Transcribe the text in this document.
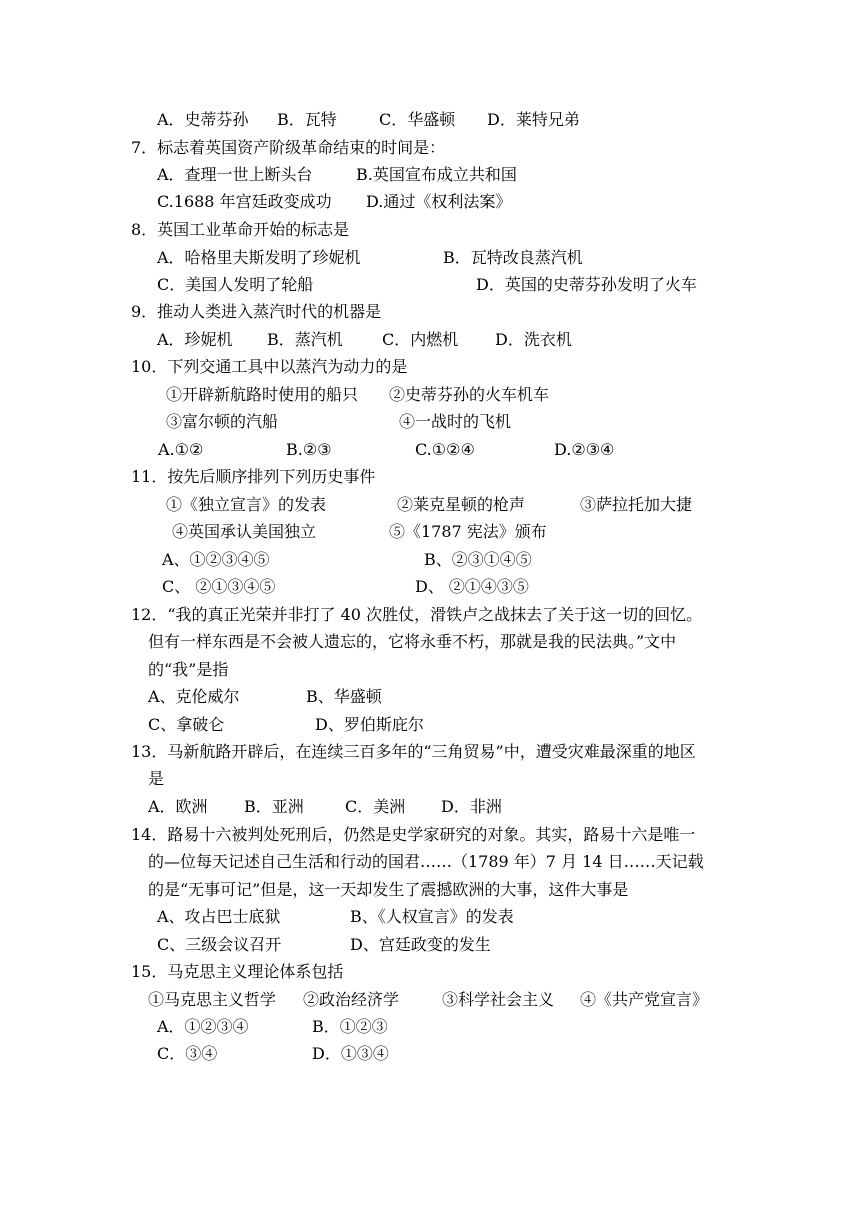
A．史蒂芬孙 B．瓦特	C．华盛顿 D．莱特兄弟
7．标志着英国资产阶级革命结束的时间是：
A．查理一世上断头台	B.英国宣布成立共和国
C.1688 年宫廷政变成功 D.通过《权利法案》
8．英国工业革命开始的标志是
A．哈格里夫斯发明了珍妮机	B．瓦特改良蒸汽机
C．美国人发明了轮船	D．英国的史蒂芬孙发明了火车
9．推动人类进入蒸汽时代的机器是
A．珍妮机 B．蒸汽机 C．内燃机 D．洗衣机
10．下列交通工具中以蒸汽为动力的是
①开辟新航路时使用的船只 ②史蒂芬孙的火车机车
③富尔顿的汽船	④一战时的飞机
A.①②	B.②③	C.①②④	D.②③④
11．按先后顺序排列下列历史事件
①《独立宣言》的发表	②莱克星顿的枪声	③萨拉托加大捷
④英国承认美国独立	⑤《1787 宪法》颁布
A、①②③④⑤	B、②③①④⑤
C、 ②①③④⑤	D、 ②①④③⑤
12．“我的真正光荣并非打了 40 次胜仗，滑铁卢之战抹去了关于这一切的回忆。
但有一样东西是不会被人遗忘的，它将永垂不朽，那就是我的民法典。”文中
的“我”是指
A、克伦威尔	B、华盛顿
C、拿破仑	D、罗伯斯庇尔
13．马新航路开辟后，在连续三百多年的“三角贸易”中，遭受灾难最深重的地区
是
A．欧洲 B．亚洲	C．美洲 D．非洲
14．路易十六被判处死刑后，仍然是史学家研究的对象。其实，路易十六是唯一
的—位每天记述自己生活和行动的国君……（1789 年）7 月 14 日……天记载
的是“无事可记”但是，这一天却发生了震撼欧洲的大事，这件大事是
A、攻占巴士底狱	B、《人权宣言》的发表
C、三级会议召开	D、宫廷政变的发生
15．马克思主义理论体系包括
①马克思主义哲学 ②政治经济学	③科学社会主义 ④《共产党宣言》
A．①②③④	B．①②③
C．③④	D．①③④
